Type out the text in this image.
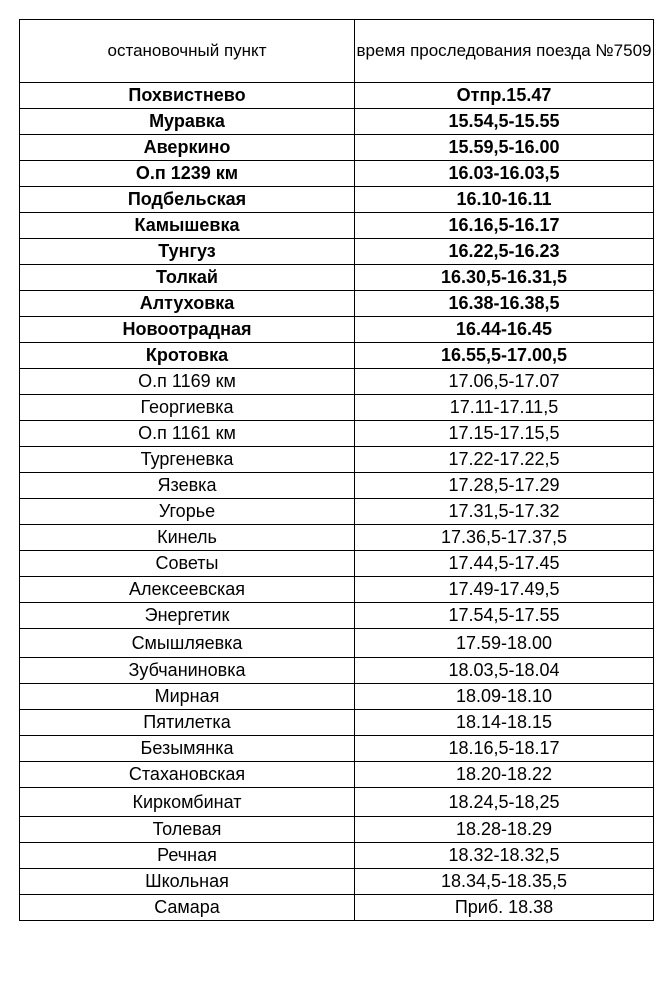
остановочный пункт	время проследования поезда №7509
Похвистнево	Отпр.15.47
Муравка	15.54,5-15.55
Аверкино	15.59,5-16.00
О.п 1239 км	16.03-16.03,5
Подбельская	16.10-16.11
Камышевка	16.16,5-16.17
Тунгуз	16.22,5-16.23
Толкай	16.30,5-16.31,5
Алтуховка	16.38-16.38,5
Новоотрадная	16.44-16.45
Кротовка	16.55,5-17.00,5
О.п 1169 км	17.06,5-17.07
Георгиевка	17.11-17.11,5
О.п 1161 км	17.15-17.15,5
Тургеневка	17.22-17.22,5
Язевка	17.28,5-17.29
Угорье	17.31,5-17.32
Кинель	17.36,5-17.37,5
Советы	17.44,5-17.45
Алексеевская	17.49-17.49,5
Энергетик	17.54,5-17.55
Смышляевка	17.59-18.00
Зубчаниновка	18.03,5-18.04
Мирная	18.09-18.10
Пятилетка	18.14-18.15
Безымянка	18.16,5-18.17
Стахановская	18.20-18.22
Киркомбинат	18.24,5-18,25
Толевая	18.28-18.29
Речная	18.32-18.32,5
Школьная	18.34,5-18.35,5
Самара	Приб. 18.38
